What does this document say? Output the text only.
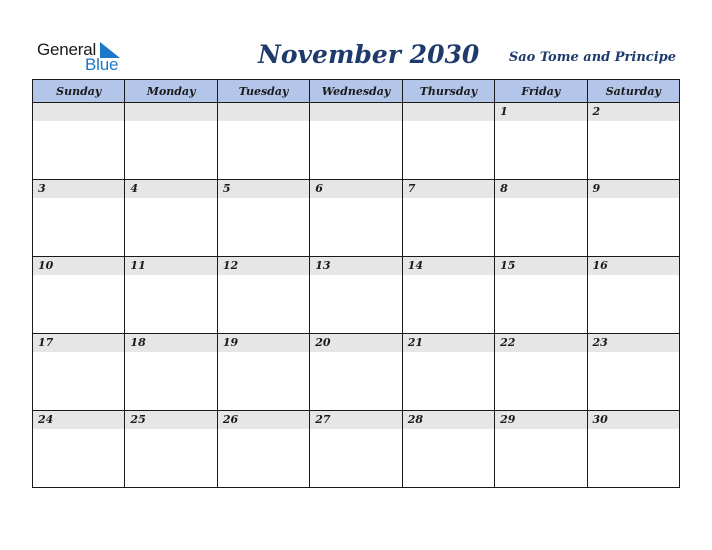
General
Blue	November 2030 Sao Tome and Principe
Sunday	Monday	Tuesday	Wednesday	Thursday	Friday	Saturday

					1	2

3	4	5	6	7	8	9

10	11	12	13	14	15	16

17	18	19	20	21	22	23

24	25	26	27	28	29	30
